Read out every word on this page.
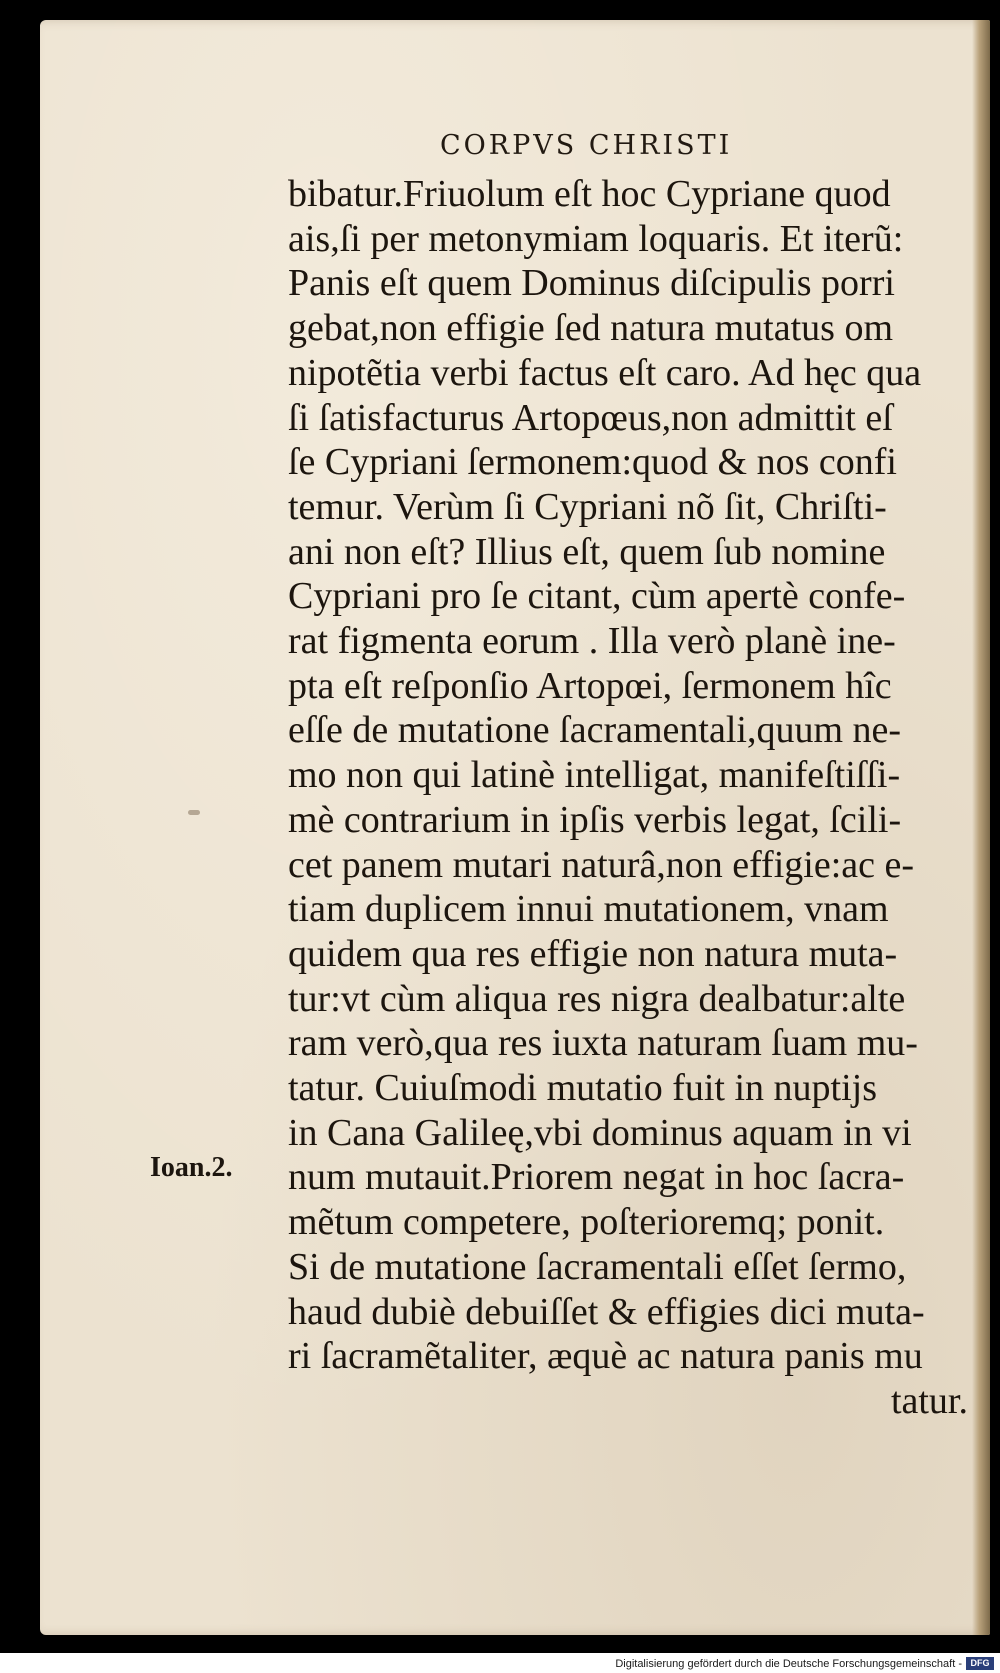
CORPVS CHRISTI
bibatur.Friuolum eſt hoc Cypriane quod
ais,ſi per metonymiam loquaris. Et iterũ:
Panis eſt quem Dominus diſcipulis porri
gebat,non effigie ſed natura mutatus om
nipotẽtia verbi factus eſt caro. Ad hęc qua
ſi ſatisfacturus Artopœus,non admittit eſ
ſe Cypriani ſermonem:quod & nos confi
temur. Verùm ſi Cypriani nõ ſit, Chriſti-
ani non eſt? Illius eſt, quem ſub nomine
Cypriani pro ſe citant, cùm apertè confe-
rat figmenta eorum . Illa verò planè ine-
pta eſt reſponſio Artopœi, ſermonem hîc
eſſe de mutatione ſacramentali,quum ne-
mo non qui latinè intelligat, manifeſtiſſi-
mè contrarium in ipſis verbis legat, ſcili-
cet panem mutari naturâ,non effigie:ac e-
tiam duplicem innui mutationem, vnam
quidem qua res effigie non natura muta-
tur:vt cùm aliqua res nigra dealbatur:alte
ram verò,qua res iuxta naturam ſuam mu-
tatur. Cuiuſmodi mutatio fuit in nuptijs
in Cana Galileę,vbi dominus aquam in vi
num mutauit.Priorem negat in hoc ſacra-
mẽtum competere, poſterioremq; ponit.
Si de mutatione ſacramentali eſſet ſermo,
haud dubiè debuiſſet & effigies dici muta-
ri ſacramẽtaliter, æquè ac natura panis mu
tatur.
Ioan.2.
Digitalisierung gefördert durch die Deutsche Forschungsgemeinschaft - DFG
